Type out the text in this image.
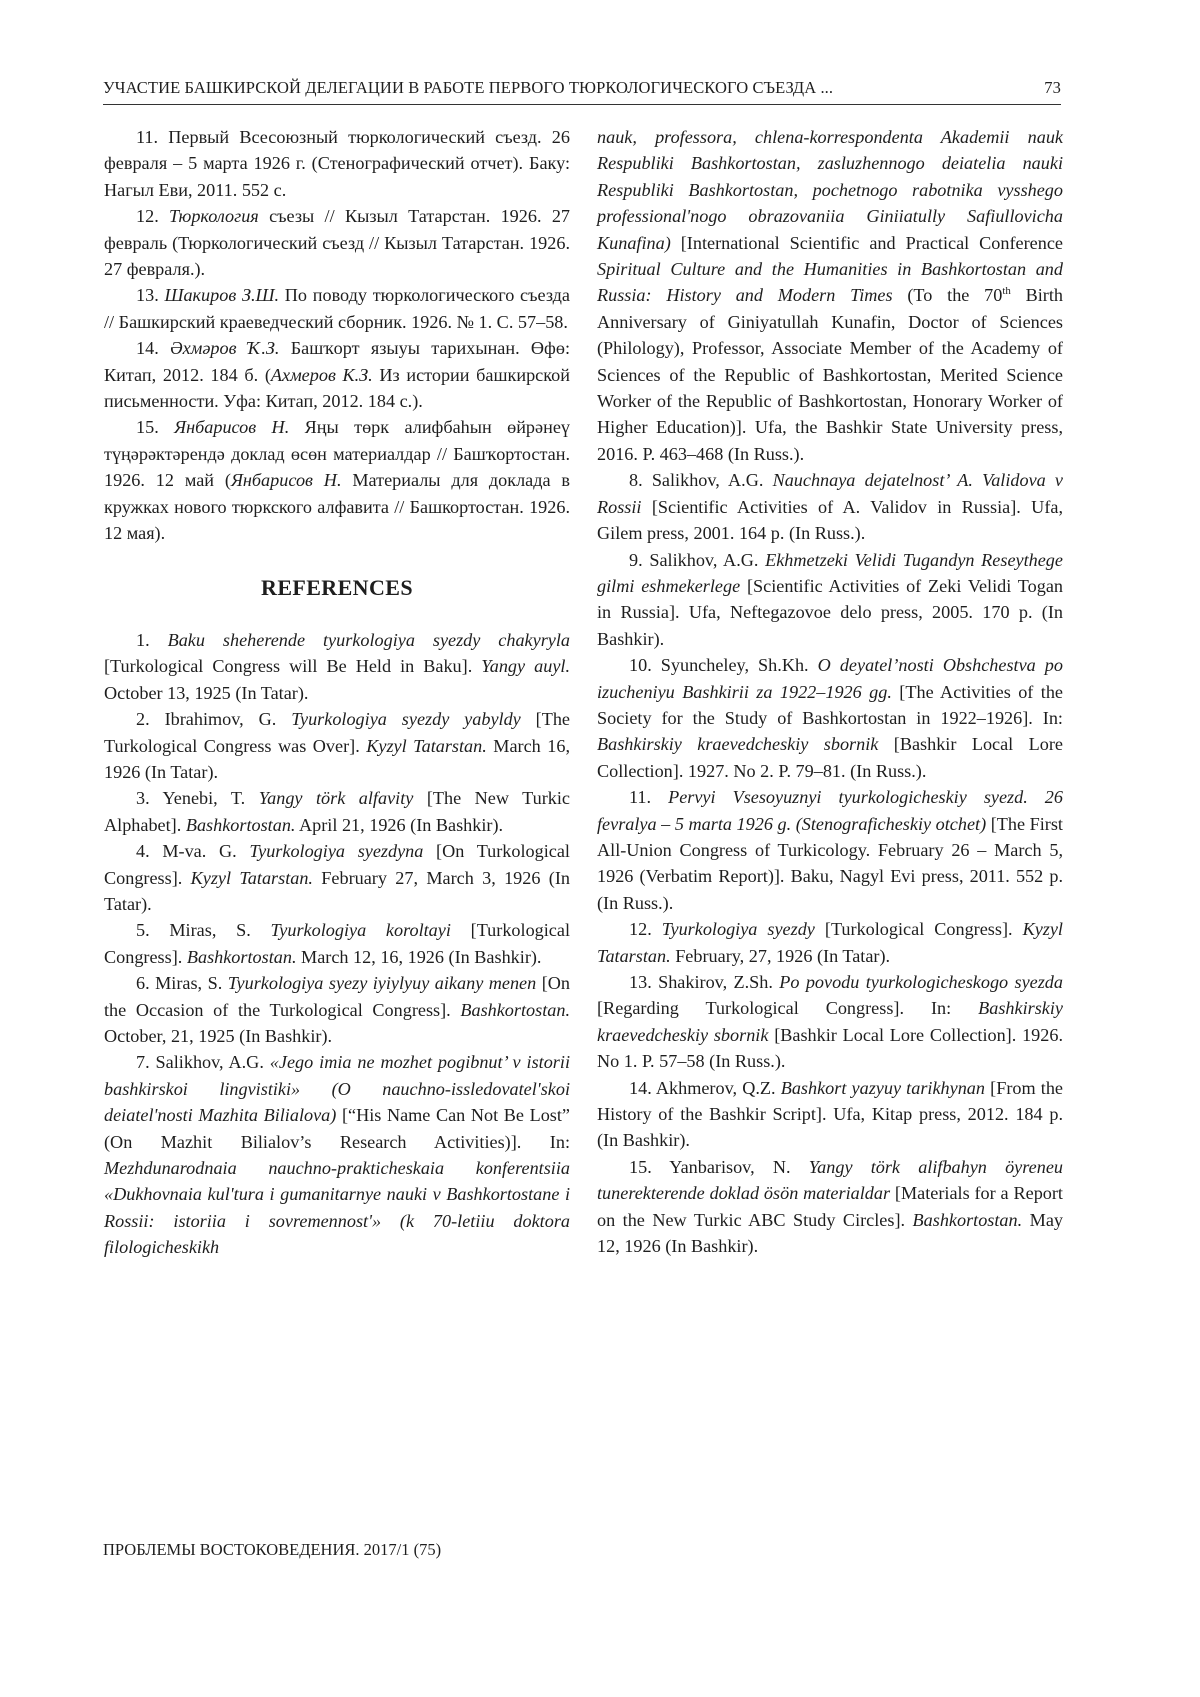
УЧАСТИЕ БАШКИРСКОЙ ДЕЛЕГАЦИИ В РАБОТЕ ПЕРВОГО ТЮРКОЛОГИЧЕСКОГО СЪЕЗДА ...	73

11. Первый Всесоюзный тюркологический съезд. 26 февраля – 5 марта 1926 г. (Стенографический отчет). Баку: Нагыл Еви, 2011. 552 с.

12. Тюркология съезы // Кызыл Татарстан. 1926. 27 февраль (Тюркологический съезд // Кызыл Татарстан. 1926. 27 февраля.).

13. Шакиров З.Ш. По поводу тюркологического съезда // Башкирский краеведческий сборник. 1926. № 1. С. 57–58.

14. Әхмәров Ҡ.З. Башҡорт языуы тарихынан. Өфө: Китап, 2012. 184 б. (Ахмеров К.З. Из истории башкирской письменности. Уфа: Китап, 2012. 184 с.).

15. Янбарисов Н. Яңы төрк алифбаһын өйрәнеү түңәрәктәрендә доклад өсөн материалдар // Башҡортостан. 1926. 12 май (Янбарисов Н. Материалы для доклада в кружках нового тюркского алфавита // Башкортостан. 1926. 12 мая).

REFERENCES

1. Baku sheherende tyurkologiya syezdy chakyryla [Turkological Congress will Be Held in Baku]. Yangy auyl. October 13, 1925 (In Tatar).

2. Ibrahimov, G. Tyurkologiya syezdy yabyldy [The Turkological Congress was Over]. Kyzyl Tatarstan. March 16, 1926 (In Tatar).

3. Yenebi, T. Yangy törk alfavity [The New Turkic Alphabet]. Bashkortostan. April 21, 1926 (In Bashkir).

4. M-va. G. Tyurkologiya syezdyna [On Turkological Congress]. Kyzyl Tatarstan. February 27, March 3, 1926 (In Tatar).

5. Miras, S. Tyurkologiya koroltayi [Turkological Congress]. Bashkortostan. March 12, 16, 1926 (In Bashkir).

6. Miras, S. Tyurkologiya syezy iyiylyuy aikany menen [On the Occasion of the Turkological Congress]. Bashkortostan. October, 21, 1925 (In Bashkir).

7. Salikhov, A.G. «Jego imia ne mozhet pogibnut’ v istorii bashkirskoi lingvistiki» (O nauchno-issledovatel'skoi deiatel'nosti Mazhita Bilialova) [“His Name Can Not Be Lost” (On Mazhit Bilialov’s Research Activities)]. In: Mezhdunarodnaia nauchno-prakticheskaia konferentsiia «Dukhovnaia kul'tura i gumanitarnye nauki v Bashkortostane i Rossii: istoriia i sovremennost'» (k 70-letiiu doktora filologicheskikh

nauk, professora, chlena-korrespondenta Akademii nauk Respubliki Bashkortostan, zasluzhennogo deiatelia nauki Respubliki Bashkortostan, pochetnogo rabotnika vysshego professional'nogo obrazovaniia Giniiatully Safiullovicha Kunafina) [International Scientific and Practical Conference Spiritual Culture and the Humanities in Bashkortostan and Russia: History and Modern Times (To the 70th Birth Anniversary of Giniyatullah Kunafin, Doctor of Sciences (Philology), Professor, Associate Member of the Academy of Sciences of the Republic of Bashkortostan, Merited Science Worker of the Republic of Bashkortostan, Honorary Worker of Higher Education)]. Ufa, the Bashkir State University press, 2016. P. 463–468 (In Russ.).

8. Salikhov, A.G. Nauchnaya dejatelnost’ A. Validova v Rossii [Scientific Activities of A. Validov in Russia]. Ufa, Gilem press, 2001. 164 p. (In Russ.).

9. Salikhov, A.G. Ekhmetzeki Velidi Tugandyn Reseythege gilmi eshmekerlege [Scientific Activities of Zeki Velidi Togan in Russia]. Ufa, Neftegazovoe delo press, 2005. 170 p. (In Bashkir).

10. Syuncheley, Sh.Kh. O deyatel’nosti Obshchestva po izucheniyu Bashkirii za 1922–1926 gg. [The Activities of the Society for the Study of Bashkortostan in 1922–1926]. In: Bashkirskiy kraevedcheskiy sbornik [Bashkir Local Lore Collection]. 1927. No 2. P. 79–81. (In Russ.).

11. Pervyi Vsesoyuznyi tyurkologicheskiy syezd. 26 fevralya – 5 marta 1926 g. (Stenograficheskiy otchet) [The First All-Union Congress of Turkicology. February 26 – March 5, 1926 (Verbatim Report)]. Baku, Nagyl Evi press, 2011. 552 p. (In Russ.).

12. Tyurkologiya syezdy [Turkological Congress]. Kyzyl Tatarstan. February, 27, 1926 (In Tatar).

13. Shakirov, Z.Sh. Po povodu tyurkologicheskogo syezda [Regarding Turkological Congress]. In: Bashkirskiy kraevedcheskiy sbornik [Bashkir Local Lore Collection]. 1926. No 1. P. 57–58 (In Russ.).

14. Akhmerov, Q.Z. Bashkort yazyuy tarikhynan [From the History of the Bashkir Script]. Ufa, Kitap press, 2012. 184 p. (In Bashkir).

15. Yanbarisov, N. Yangy törk alifbahyn öyreneu tunerekterende doklad ösön materialdar [Materials for a Report on the New Turkic ABC Study Circles]. Bashkortostan. May 12, 1926 (In Bashkir).

ПРОБЛЕМЫ ВОСТОКОВЕДЕНИЯ. 2017/1 (75)
